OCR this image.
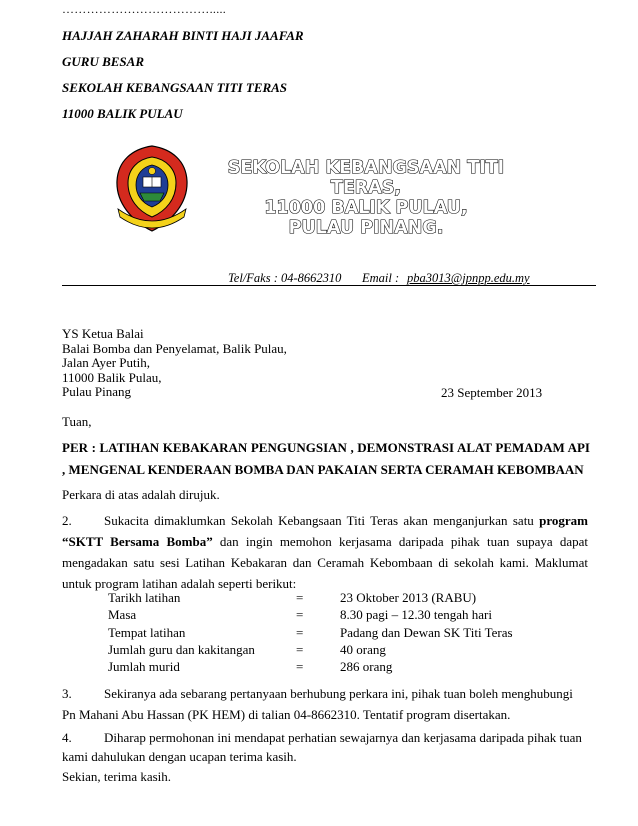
……………………………….....
HAJJAH ZAHARAH BINTI HAJI JAAFAR
GURU BESAR
SEKOLAH KEBANGSAAN TITI TERAS
11000 BALIK PULAU
SEKOLAH KEBANGSAAN TITI TERAS,
11000 BALIK PULAU,
PULAU PINANG.
Tel/Faks : 04-8662310 Email : pba3013@jpnpp.edu.my
YS Ketua Balai
Balai Bomba dan Penyelamat, Balik Pulau,
Jalan Ayer Putih,
11000 Balik Pulau,
Pulau Pinang	23 September 2013
Tuan,
PER : LATIHAN KEBAKARAN PENGUNGSIAN , DEMONSTRASI ALAT PEMADAM API , MENGENAL KENDERAAN BOMBA DAN PAKAIAN SERTA CERAMAH KEBOMBAAN
Perkara di atas adalah dirujuk.
2. Sukacita dimaklumkan Sekolah Kebangsaan Titi Teras akan menganjurkan satu program “SKTT Bersama Bomba” dan ingin memohon kerjasama daripada pihak tuan supaya dapat mengadakan satu sesi Latihan Kebakaran dan Ceramah Kebombaan di sekolah kami. Maklumat untuk program latihan adalah seperti berikut:
Tarikh latihan	=	23 Oktober 2013 (RABU)
Masa	=	8.30 pagi – 12.30 tengah hari
Tempat latihan	=	Padang dan Dewan SK Titi Teras
Jumlah guru dan kakitangan	=	40 orang
Jumlah murid	=	286 orang
3. Sekiranya ada sebarang pertanyaan berhubung perkara ini, pihak tuan boleh menghubungi Pn Mahani Abu Hassan (PK HEM) di talian 04-8662310. Tentatif program disertakan.
4. Diharap permohonan ini mendapat perhatian sewajarnya dan kerjasama daripada pihak tuan kami dahulukan dengan ucapan terima kasih.
Sekian, terima kasih.
